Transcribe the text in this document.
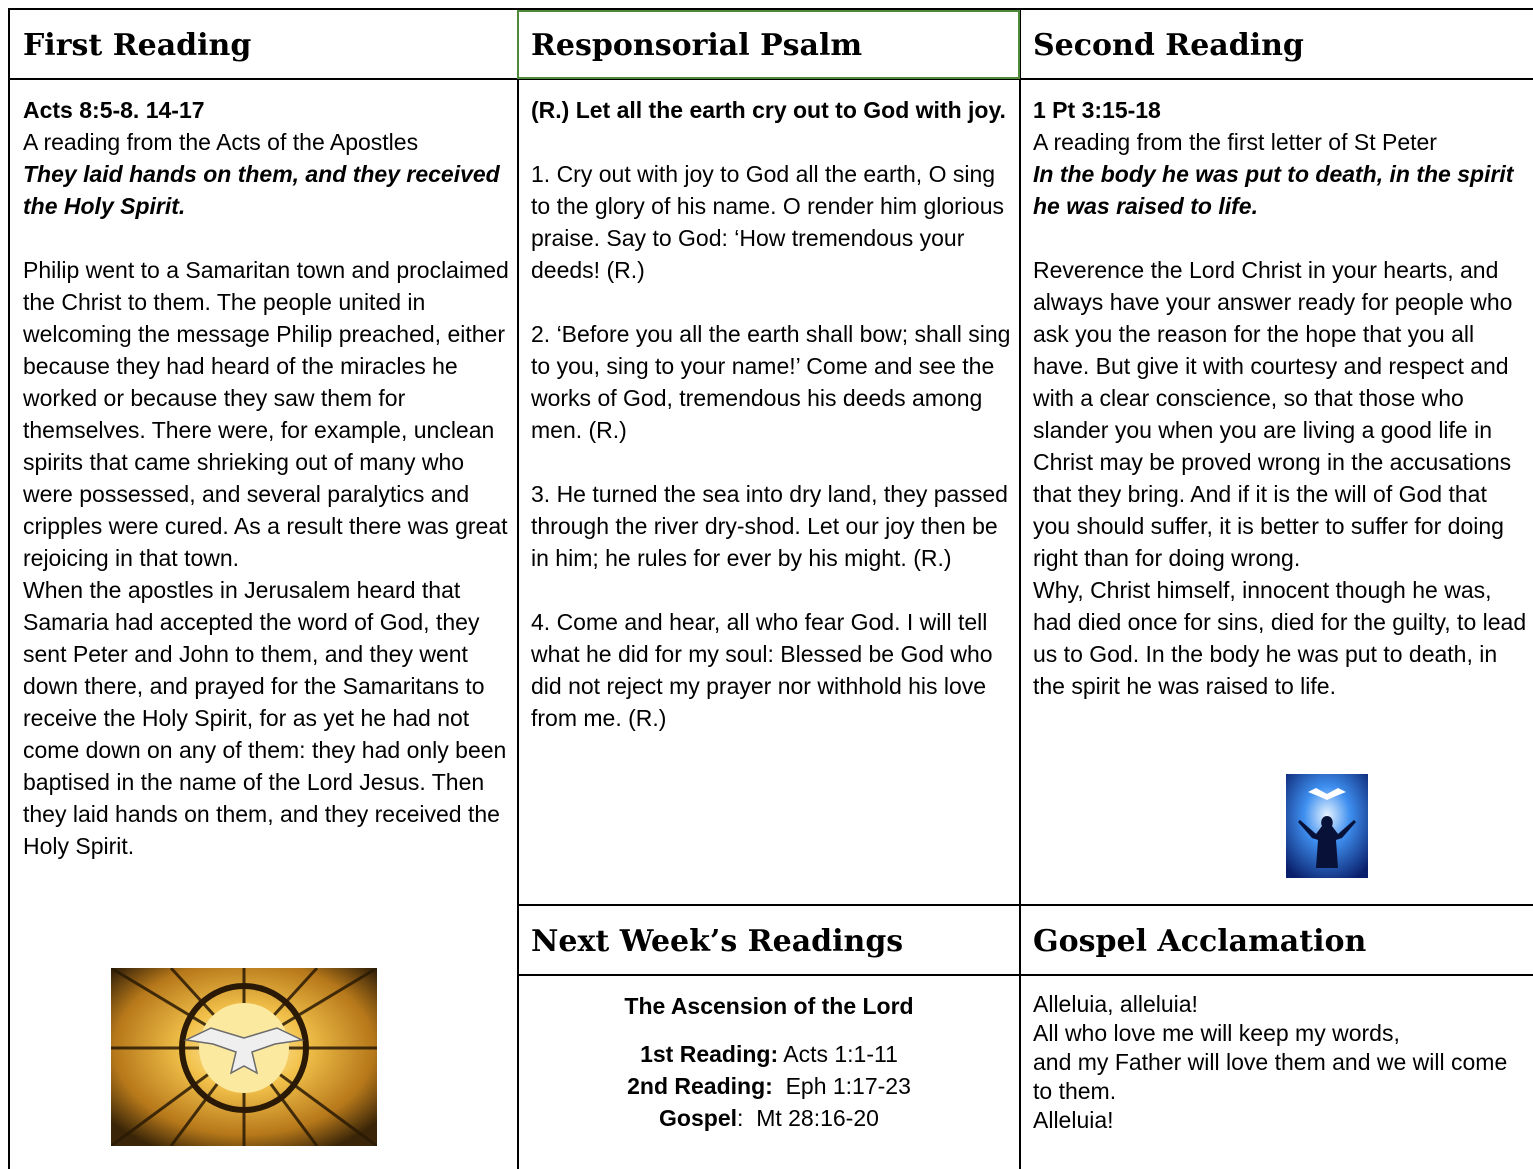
First Reading	Responsorial Psalm	Second Reading

Acts 8:5-8. 14-17

A reading from the Acts of the Apostles

They laid hands on them, and they received the Holy Spirit.

Philip went to a Samaritan town and proclaimed the Christ to them. The people united in welcoming the message Philip preached, either because they had heard of the miracles he worked or because they saw them for themselves. There were, for example, unclean spirits that came shrieking out of many who were possessed, and several paralytics and cripples were cured. As a result there was great rejoicing in that town.

When the apostles in Jerusalem heard that Samaria had accepted the word of God, they sent Peter and John to them, and they went down there, and prayed for the Samaritans to receive the Holy Spirit, for as yet he had not come down on any of them: they had only been baptised in the name of the Lord Jesus. Then they laid hands on them, and they received the Holy Spirit.

(R.) Let all the earth cry out to God with joy.

1. Cry out with joy to God all the earth, O sing to the glory of his name. O render him glorious praise. Say to God: ‘How tremendous your deeds! (R.)

2. ‘Before you all the earth shall bow; shall sing to you, sing to your name!’ Come and see the works of God, tremendous his deeds among men. (R.)

3. He turned the sea into dry land, they passed through the river dry-shod. Let our joy then be in him; he rules for ever by his might. (R.)

4. Come and hear, all who fear God. I will tell what he did for my soul: Blessed be God who did not reject my prayer nor withhold his love from me. (R.)

1 Pt 3:15-18

A reading from the first letter of St Peter

In the body he was put to death, in the spirit he was raised to life.

Reverence the Lord Christ in your hearts, and always have your answer ready for people who ask you the reason for the hope that you all have. But give it with courtesy and respect and with a clear conscience, so that those who slander you when you are living a good life in Christ may be proved wrong in the accusations that they bring. And if it is the will of God that you should suffer, it is better to suffer for doing right than for doing wrong.

Why, Christ himself, innocent though he was, had died once for sins, died for the guilty, to lead us to God. In the body he was put to death, in the spirit he was raised to life.

Next Week’s Readings

The Ascension of the Lord

1st Reading: Acts 1:1-11

2nd Reading: Eph 1:17-23

Gospel:  Mt 28:16-20

Gospel Acclamation

Alleluia, alleluia!

All who love me will keep my words,

and my Father will love them and we will come to them.

Alleluia!
